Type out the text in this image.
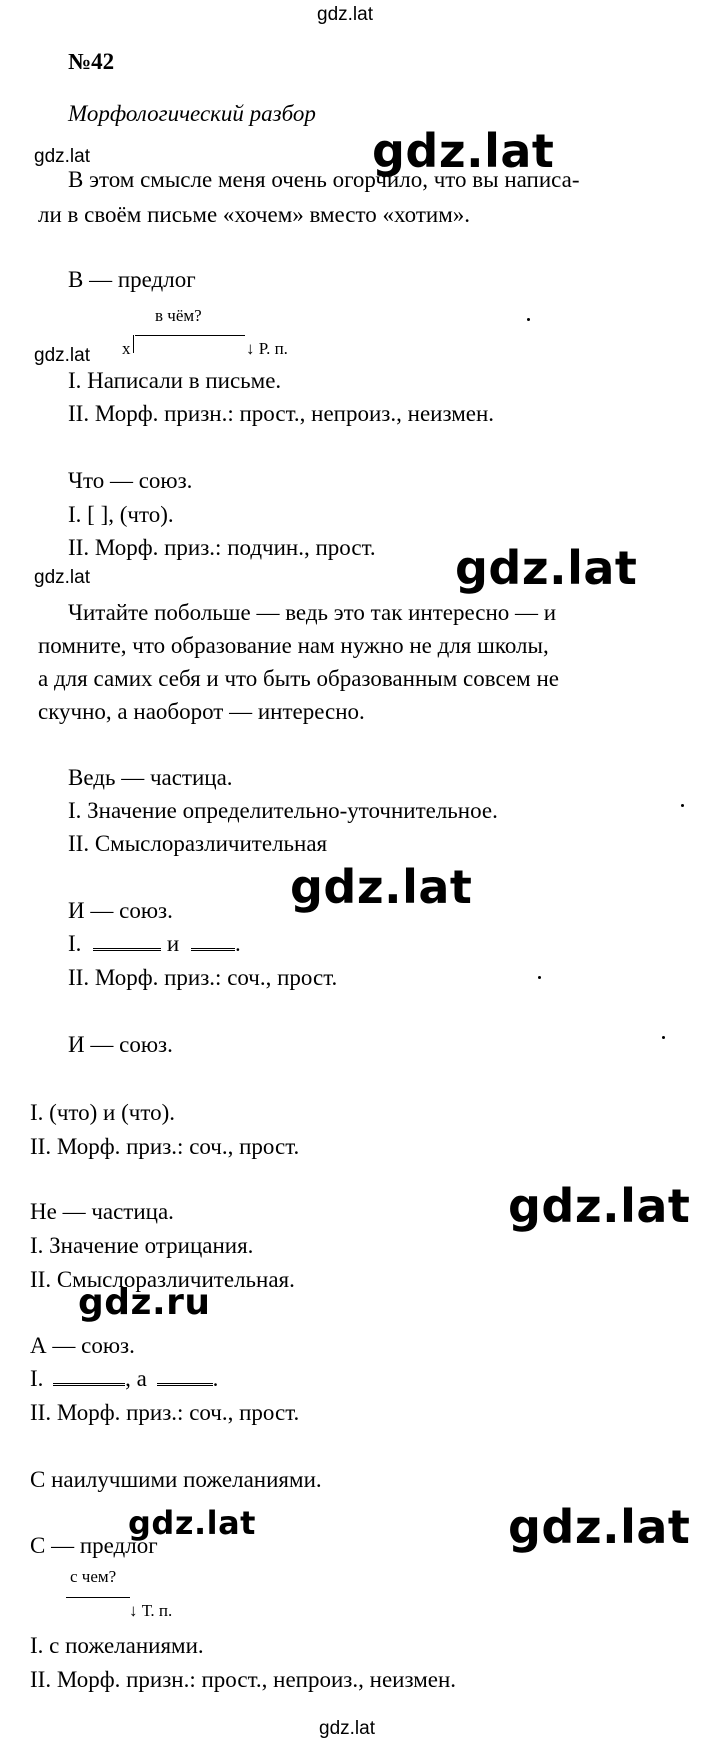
gdz.lat
gdz.lat	gdz.lat
gdz.lat
gdz.lat
gdz.lat
gdz.lat
gdz.lat
gdz.ru
gdz.lat	gdz.lat
gdz.lat
№42
Морфологический разбор
В этом смысле меня очень огорчило, что вы написа-
ли в своём письме «хочем» вместо «хотим».
В — предлог
в чём?
x	↓ Р. п.
I. Написали в письме.
II. Морф. призн.: прост., непроиз., неизмен.
Что — союз.
I. [ ], (что).
II. Морф. приз.: подчин., прост.
Читайте побольше — ведь это так интересно — и
помните, что образование нам нужно не для школы,
а для самих себя и что быть образованным совсем не
скучно, а наоборот — интересно.
Ведь — частица.
I. Значение определительно-уточнительное.
II. Смыслоразличительная
И — союз.
I.	и .
II. Морф. приз.: соч., прост.
И — союз.
I. (что) и (что).
II. Морф. приз.: соч., прост.
Не — частица.
I. Значение отрицания.
II. Смыслоразличительная.
А — союз.
I.	, а	.
II. Морф. приз.: соч., прост.
С наилучшими пожеланиями.
С — предлог
с чем?
↓ Т. п.
I. с пожеланиями.
II. Морф. призн.: прост., непроиз., неизмен.
